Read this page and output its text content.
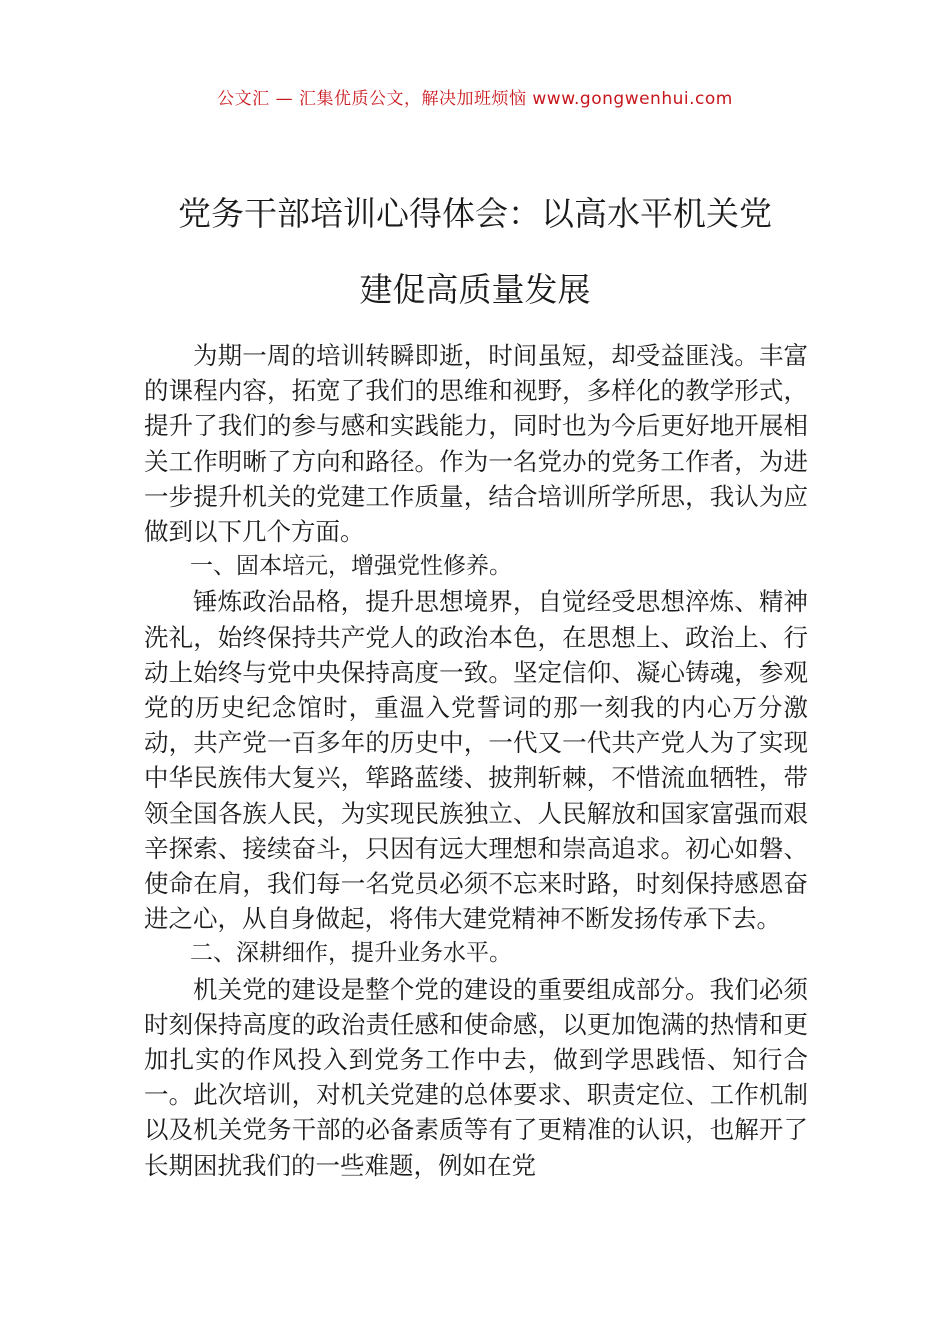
公文汇 — 汇集优质公文，解决加班烦恼 www.gongwenhui.com
党务干部培训心得体会：以高水平机关党
建促高质量发展

为期一周的培训转瞬即逝，时间虽短，却受益匪浅。丰富的课程内容，拓宽了我们的思维和视野，多样化的教学形式，提升了我们的参与感和实践能力，同时也为今后更好地开展相关工作明晰了方向和路径。作为一名党办的党务工作者，为进一步提升机关的党建工作质量，结合培训所学所思，我认为应做到以下几个方面。

一、固本培元，增强党性修养。

锤炼政治品格，提升思想境界，自觉经受思想淬炼、精神洗礼，始终保持共产党人的政治本色，在思想上、政治上、行动上始终与党中央保持高度一致。坚定信仰、凝心铸魂，参观党的历史纪念馆时，重温入党誓词的那一刻我的内心万分激动，共产党一百多年的历史中，一代又一代共产党人为了实现中华民族伟大复兴，筚路蓝缕、披荆斩棘，不惜流血牺牲，带领全国各族人民，为实现民族独立、人民解放和国家富强而艰辛探索、接续奋斗，只因有远大理想和崇高追求。初心如磐、使命在肩，我们每一名党员必须不忘来时路，时刻保持感恩奋进之心，从自身做起，将伟大建党精神不断发扬传承下去。

二、深耕细作，提升业务水平。

机关党的建设是整个党的建设的重要组成部分。我们必须时刻保持高度的政治责任感和使命感，以更加饱满的热情和更加扎实的作风投入到党务工作中去，做到学思践悟、知行合一。此次培训，对机关党建的总体要求、职责定位、工作机制以及机关党务干部的必备素质等有了更精准的认识，也解开了长期困扰我们的一些难题，例如在党
